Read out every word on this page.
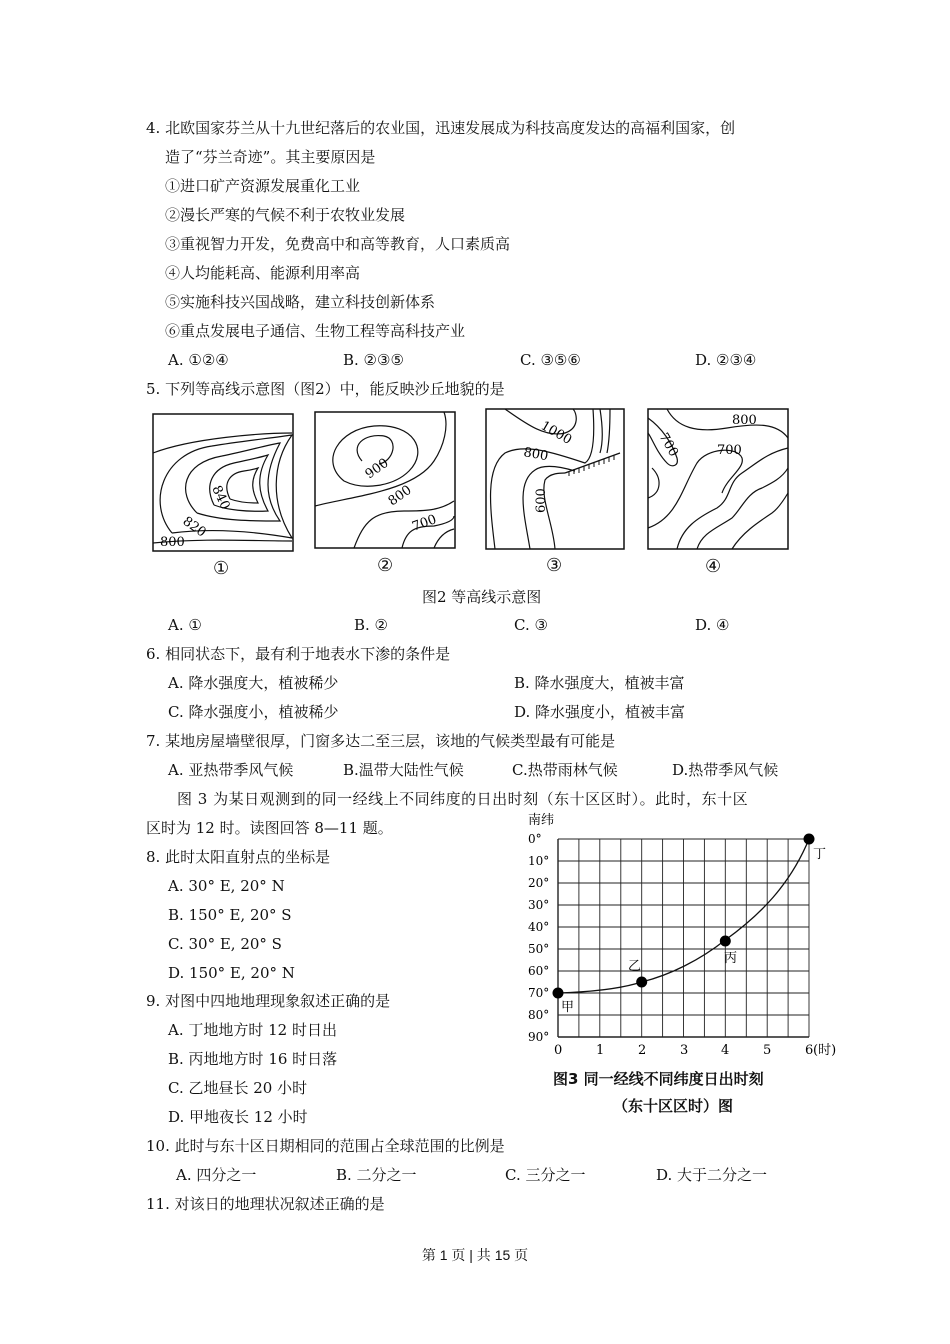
4. 北欧国家芬兰从十九世纪落后的农业国，迅速发展成为科技高度发达的高福利国家，创
造了“芬兰奇迹”。其主要原因是
①进口矿产资源发展重化工业
②漫长严寒的气候不利于农牧业发展
③重视智力开发，免费高中和高等教育，人口素质高
④人均能耗高、能源利用率高
⑤实施科技兴国战略，建立科技创新体系
⑥重点发展电子通信、生物工程等高科技产业
A. ①②④	B. ②③⑤	C. ③⑤⑥	D. ②③④
5. 下列等高线示意图（图2）中，能反映沙丘地貌的是
840
820
800
900
800
700
1000
800
600
800
700	700
①	②	③	④
图2 等高线示意图
A. ①	B. ②	C. ③	D. ④
6. 相同状态下，最有利于地表水下渗的条件是
A. 降水强度大，植被稀少	B. 降水强度大，植被丰富
C. 降水强度小，植被稀少	D. 降水强度小，植被丰富
7. 某地房屋墙壁很厚，门窗多达二至三层，该地的气候类型最有可能是
A. 亚热带季风气候	B.温带大陆性气候	C.热带雨林气候	D.热带季风气候
图 3 为某日观测到的同一经线上不同纬度的日出时刻（东十区区时）。此时，东十区
区时为 12 时。读图回答 8—11 题。
8. 此时太阳直射点的坐标是
A. 30° E, 20° N
B. 150° E, 20° S
C. 30° E, 20° S
D. 150° E, 20° N
9. 对图中四地地理现象叙述正确的是
A. 丁地地方时 12 时日出
B. 丙地地方时 16 时日落
C. 乙地昼长 20 小时
D. 甲地夜长 12 小时
南纬
0°
10°
20°
30°
40°
50°
60°
70°
80°
90°
0	1	2	3	4	5	6 (时)
甲
乙
丙
丁
图3 同一经线不同纬度日出时刻
（东十区区时）图
10. 此时与东十区日期相同的范围占全球范围的比例是
A. 四分之一	B. 二分之一	C. 三分之一	D. 大于二分之一
11. 对该日的地理状况叙述正确的是
第 1 页 | 共 15 页
